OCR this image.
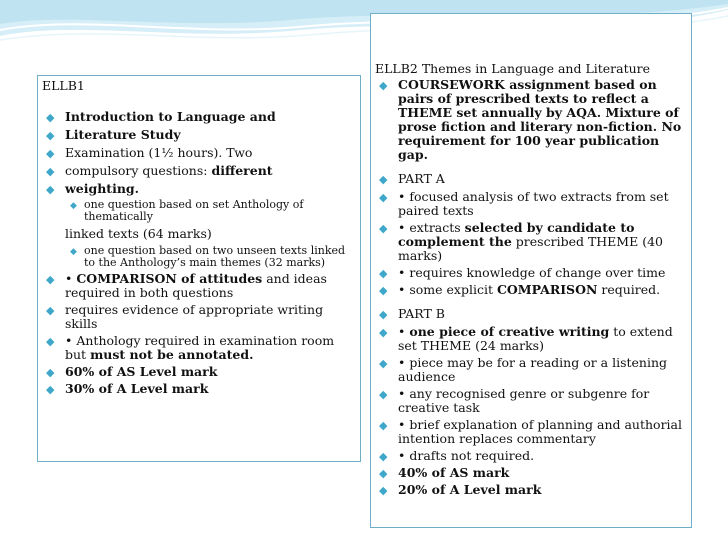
ELLB1
◆ Introduction to Language and
◆ Literature Study
◆ Examination (1½ hours). Two
◆ compulsory questions: different
◆ weighting.
◆ one question based on set Anthology of thematically
linked texts (64 marks)
◆ one question based on two unseen texts linked to the Anthology’s main themes (32 marks)
◆ • COMPARISON of attitudes and ideas required in both questions
◆ requires evidence of appropriate writing skills
◆ • Anthology required in examination room but must not be annotated.
◆ 60% of AS Level mark
◆ 30% of A Level mark
ELLB2 Themes in Language and Literature
◆ COURSEWORK assignment based on pairs of prescribed texts to reflect a THEME set annually by AQA. Mixture of prose fiction and literary non-fiction. No requirement for 100 year publication gap.
◆ PART A
◆ • focused analysis of two extracts from set paired texts
◆ • extracts selected by candidate to complement the prescribed THEME (40 marks)
◆ • requires knowledge of change over time
◆ • some explicit COMPARISON required.
◆ PART B
◆ • one piece of creative writing to extend set THEME (24 marks)
◆ • piece may be for a reading or a listening audience
◆ • any recognised genre or subgenre for creative task
◆ • brief explanation of planning and authorial intention replaces commentary
◆ • drafts not required.
◆ 40% of AS mark
◆ 20% of A Level mark
